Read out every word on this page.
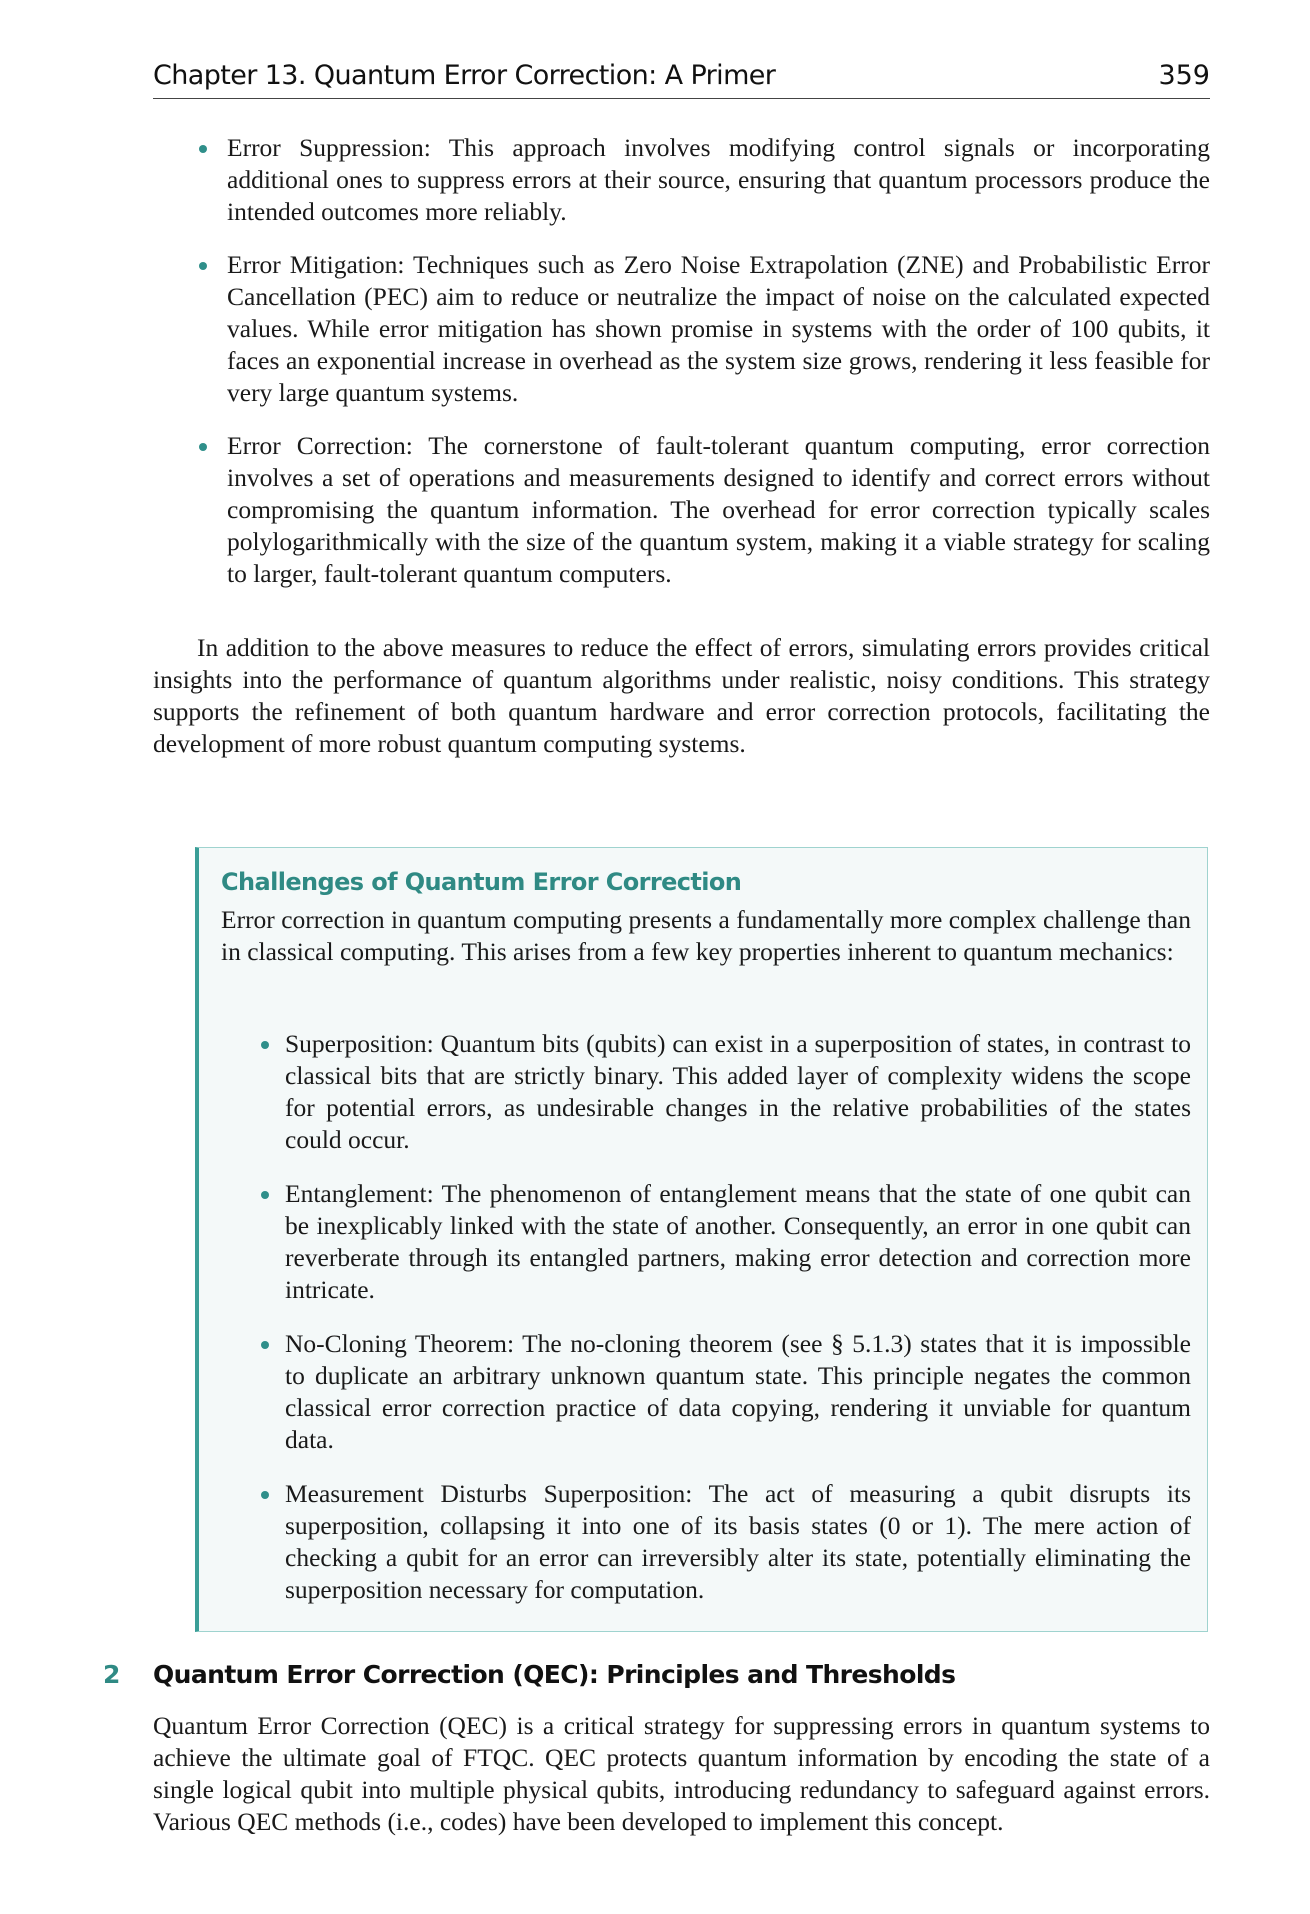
Chapter 13. Quantum Error Correction: A Primer	359
Error Suppression: This approach involves modifying control signals or incorporating additional ones to suppress errors at their source, ensuring that quantum processors produce the intended outcomes more reliably.
Error Mitigation: Techniques such as Zero Noise Extrapolation (ZNE) and Probabilistic Error Cancellation (PEC) aim to reduce or neutralize the impact of noise on the calculated expected values. While error mitigation has shown promise in systems with the order of 100 qubits, it faces an exponential increase in overhead as the system size grows, rendering it less feasible for very large quantum systems.
Error Correction: The cornerstone of fault-tolerant quantum computing, error correction involves a set of operations and measurements designed to identify and correct errors without compromising the quantum information. The overhead for error correction typically scales polylogarithmically with the size of the quantum system, making it a viable strategy for scaling to larger, fault-tolerant quantum computers.

In addition to the above measures to reduce the effect of errors, simulating errors provides critical insights into the performance of quantum algorithms under realistic, noisy conditions. This strategy supports the refinement of both quantum hardware and error correction protocols, facilitating the development of more robust quantum computing systems.

Challenges of Quantum Error Correction
Error correction in quantum computing presents a fundamentally more complex challenge than in classical computing. This arises from a few key properties inherent to quantum mechanics:
Superposition: Quantum bits (qubits) can exist in a superposition of states, in contrast to classical bits that are strictly binary. This added layer of complexity widens the scope for potential errors, as undesirable changes in the relative probabilities of the states could occur.
Entanglement: The phenomenon of entanglement means that the state of one qubit can be inexplicably linked with the state of another. Consequently, an error in one qubit can reverberate through its entangled partners, making error detection and correction more intricate.
No-Cloning Theorem: The no-cloning theorem (see § 5.1.3) states that it is impossible to duplicate an arbitrary unknown quantum state. This principle negates the common classical error correction practice of data copying, rendering it unviable for quantum data.
Measurement Disturbs Superposition: The act of measuring a qubit disrupts its superposition, collapsing it into one of its basis states (0 or 1). The mere action of checking a qubit for an error can irreversibly alter its state, potentially eliminating the superposition necessary for computation.
2 Quantum Error Correction (QEC): Principles and Thresholds

Quantum Error Correction (QEC) is a critical strategy for suppressing errors in quantum systems to achieve the ultimate goal of FTQC. QEC protects quantum information by encoding the state of a single logical qubit into multiple physical qubits, introducing redundancy to safeguard against errors. Various QEC methods (i.e., codes) have been developed to implement this concept.
